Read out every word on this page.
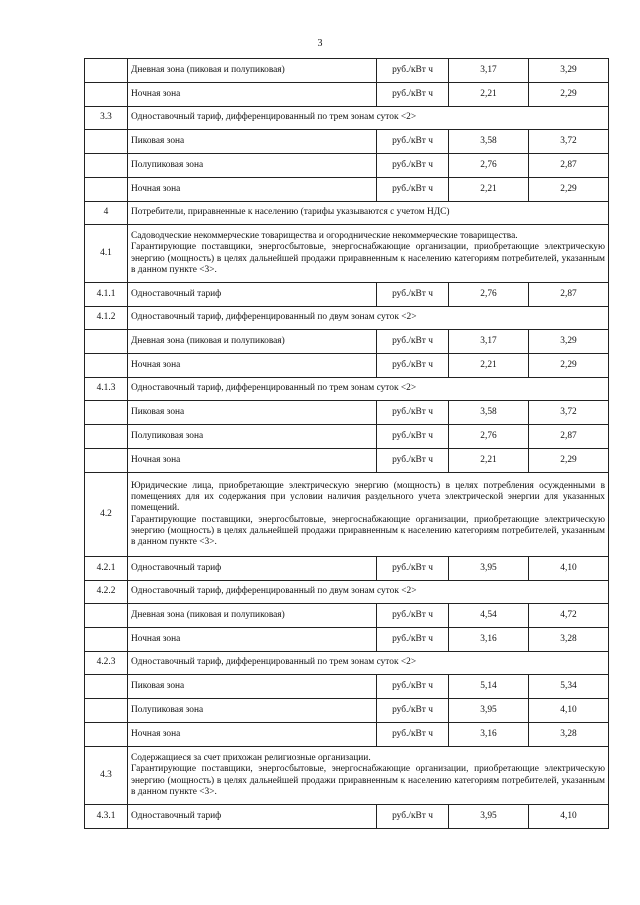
3
	Дневная зона (пиковая и полупиковая)	руб./кВт ч	3,17	3,29
	Ночная зона	руб./кВт ч	2,21	2,29
3.3	Одноставочный тариф, дифференцированный по трем зонам суток <2>			
	Пиковая зона	руб./кВт ч	3,58	3,72
	Полупиковая зона	руб./кВт ч	2,76	2,87
	Ночная зона	руб./кВт ч	2,21	2,29
4	Потребители, приравненные к населению (тарифы указываются с учетом НДС)			
4.1	Садоводческие некоммерческие товарищества и огороднические некоммерческие товарищества.

Гарантирующие поставщики, энергосбытовые, энергоснабжающие организации, приобретающие электрическую энергию (мощность) в целях дальнейшей продажи приравненным к населению категориям потребителей, указанным в данном пункте <3>.			

4.1.1	Одноставочный тариф	руб./кВт ч	2,76	2,87
4.1.2	Одноставочный тариф, дифференцированный по двум зонам суток <2>			
	Дневная зона (пиковая и полупиковая)	руб./кВт ч	3,17	3,29
	Ночная зона	руб./кВт ч	2,21	2,29
4.1.3	Одноставочный тариф, дифференцированный по трем зонам суток <2>			
	Пиковая зона	руб./кВт ч	3,58	3,72
	Полупиковая зона	руб./кВт ч	2,76	2,87
	Ночная зона	руб./кВт ч	2,21	2,29
4.2	Юридические лица, приобретающие электрическую энергию (мощность) в целях потребления осужденными в помещениях для их содержания при условии наличия раздельного учета электрической энергии для указанных помещений.

Гарантирующие поставщики, энергосбытовые, энергоснабжающие организации, приобретающие электрическую энергию (мощность) в целях дальнейшей продажи приравненным к населению категориям потребителей, указанным в данном пункте <3>.			

4.2.1	Одноставочный тариф	руб./кВт ч	3,95	4,10
4.2.2	Одноставочный тариф, дифференцированный по двум зонам суток <2>			
	Дневная зона (пиковая и полупиковая)	руб./кВт ч	4,54	4,72
	Ночная зона	руб./кВт ч	3,16	3,28
4.2.3	Одноставочный тариф, дифференцированный по трем зонам суток <2>			
	Пиковая зона	руб./кВт ч	5,14	5,34
	Полупиковая зона	руб./кВт ч	3,95	4,10
	Ночная зона	руб./кВт ч	3,16	3,28
4.3	Содержащиеся за счет прихожан религиозные организации.

Гарантирующие поставщики, энергосбытовые, энергоснабжающие организации, приобретающие электрическую энергию (мощность) в целях дальнейшей продажи приравненным к населению категориям потребителей, указанным в данном пункте <3>.			

4.3.1	Одноставочный тариф	руб./кВт ч	3,95	4,10
